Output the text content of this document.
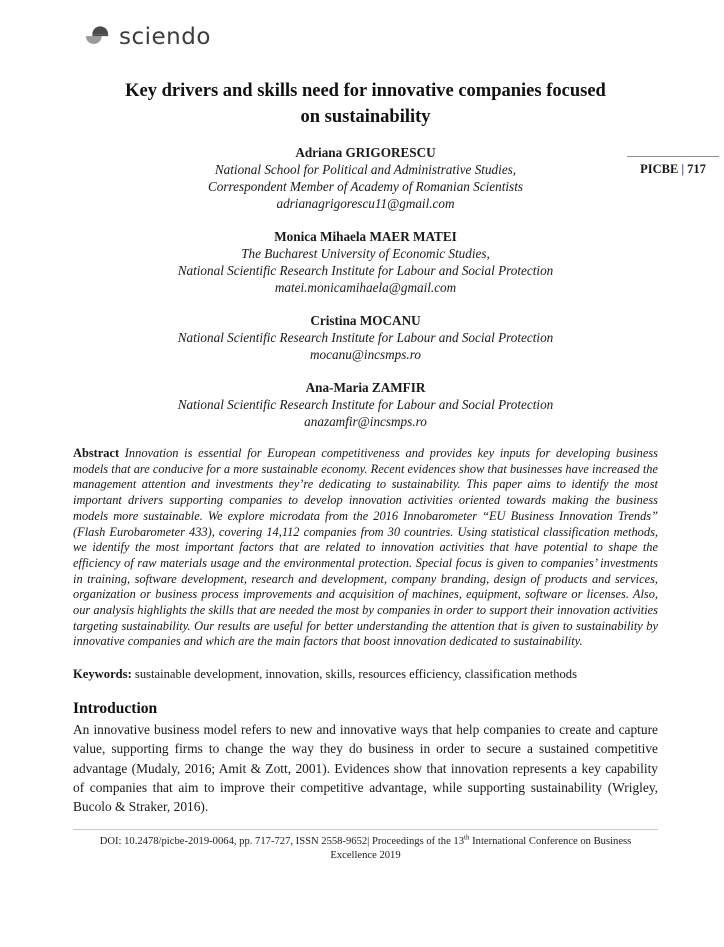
sciendo
PICBE | 717
Key drivers and skills need for innovative companies focused
on sustainability
Adriana GRIGORESCU
National School for Political and Administrative Studies,
Correspondent Member of Academy of Romanian Scientists
adrianagrigorescu11@gmail.com
Monica Mihaela MAER MATEI
The Bucharest University of Economic Studies,
National Scientific Research Institute for Labour and Social Protection
matei.monicamihaela@gmail.com
Cristina MOCANU
National Scientific Research Institute for Labour and Social Protection
mocanu@incsmps.ro
Ana-Maria ZAMFIR
National Scientific Research Institute for Labour and Social Protection
anazamfir@incsmps.ro

Abstract Innovation is essential for European competitiveness and provides key inputs for developing business models that are conducive for a more sustainable economy. Recent evidences show that businesses have increased the management attention and investments they’re dedicating to sustainability. This paper aims to identify the most important drivers supporting companies to develop innovation activities oriented towards making the business models more sustainable. We explore microdata from the 2016 Innobarometer “EU Business Innovation Trends” (Flash Eurobarometer 433), covering 14,112 companies from 30 countries. Using statistical classification methods, we identify the most important factors that are related to innovation activities that have potential to shape the efficiency of raw materials usage and the environmental protection. Special focus is given to companies’ investments in training, software development, research and development, company branding, design of products and services, organization or business process improvements and acquisition of machines, equipment, software or licenses. Also, our analysis highlights the skills that are needed the most by companies in order to support their innovation activities targeting sustainability. Our results are useful for better understanding the attention that is given to sustainability by innovative companies and which are the main factors that boost innovation dedicated to sustainability.

Keywords: sustainable development, innovation, skills, resources efficiency, classification methods

Introduction

An innovative business model refers to new and innovative ways that help companies to create and capture value, supporting firms to change the way they do business in order to secure a sustained competitive advantage (Mudaly, 2016; Amit & Zott, 2001). Evidences show that innovation represents a key capability of companies that aim to improve their competitive advantage, while supporting sustainability (Wrigley, Bucolo & Straker, 2016).

DOI: 10.2478/picbe-2019-0064, pp. 717-727, ISSN 2558-9652| Proceedings of the 13th International Conference on Business
Excellence 2019
